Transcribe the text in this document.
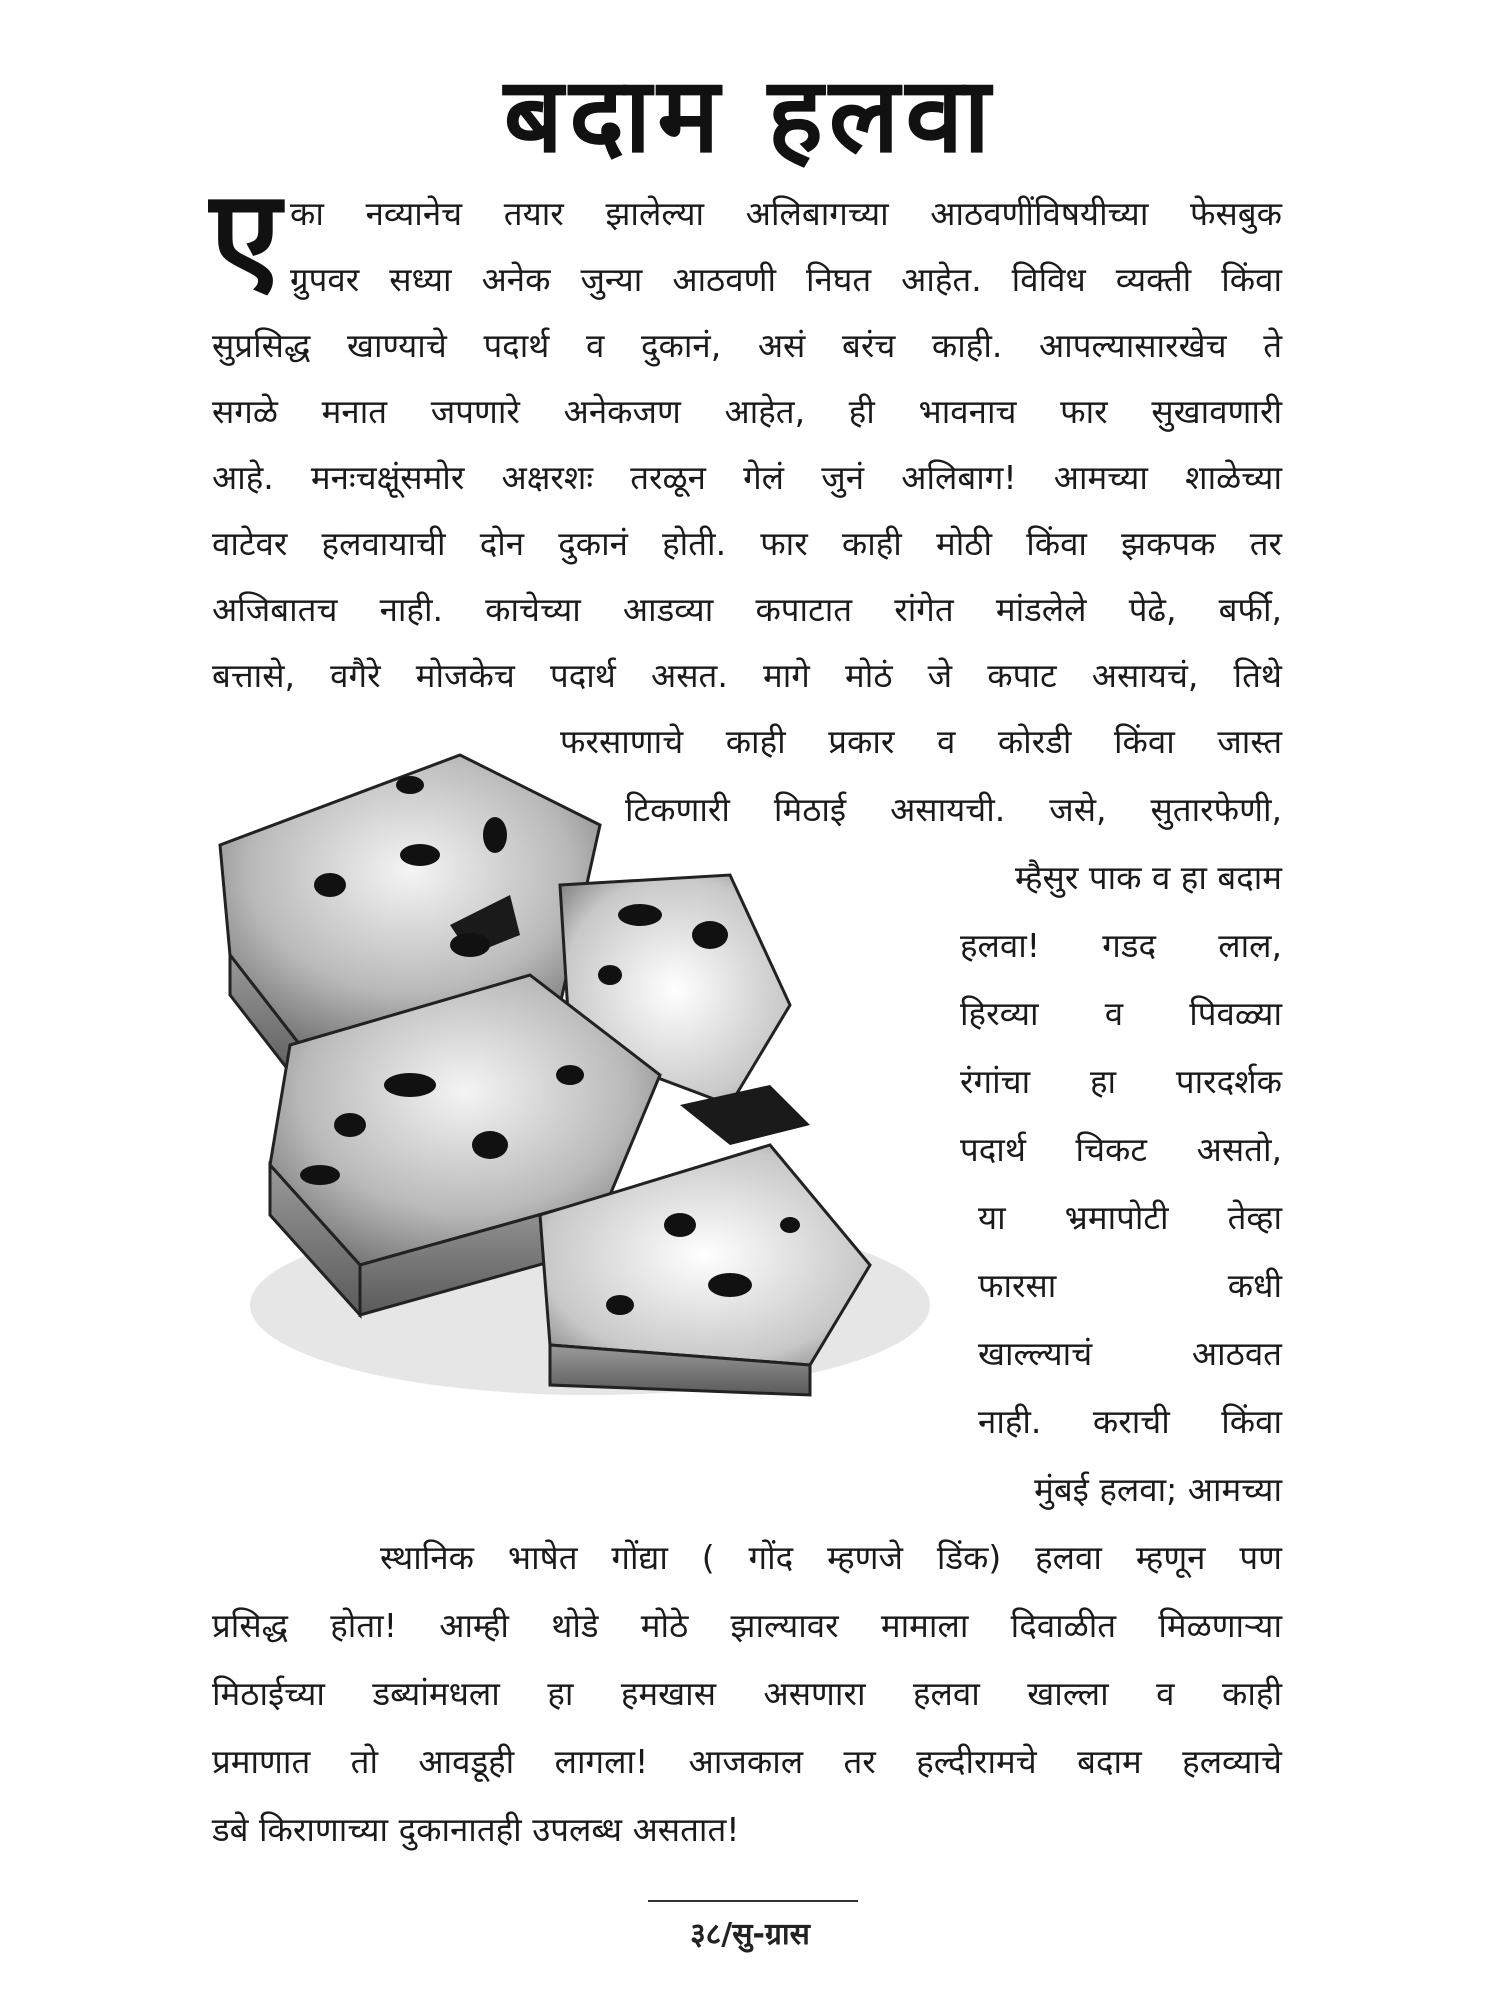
बदाम हलवा
ए का नव्यानेच तयार झालेल्या अलिबागच्या आठवणींविषयीच्या फेसबुक
ग्रुपवर सध्या अनेक जुन्या आठवणी निघत आहेत. विविध व्यक्ती किंवा
सुप्रसिद्ध खाण्याचे पदार्थ व दुकानं, असं बरंच काही. आपल्यासारखेच ते
सगळे मनात जपणारे अनेकजण आहेत, ही भावनाच फार सुखावणारी
आहे. मनःचक्षूंसमोर अक्षरशः तरळून गेलं जुनं अलिबाग! आमच्या शाळेच्या
वाटेवर हलवायाची दोन दुकानं होती. फार काही मोठी किंवा झकपक तर
अजिबातच नाही. काचेच्या आडव्या कपाटात रांगेत मांडलेले पेढे, बर्फी,
बत्तासे, वगैरे मोजकेच पदार्थ असत. मागे मोठं जे कपाट असायचं, तिथे
फरसाणाचे काही प्रकार व कोरडी किंवा जास्त
टिकणारी मिठाई असायची. जसे, सुतारफेणी,
म्हैसुर पाक व हा बदाम
हलवा! गडद लाल,
हिरव्या व पिवळ्या
रंगांचा हा पारदर्शक
पदार्थ चिकट असतो,
या भ्रमापोटी तेव्हा
फारसा कधी
खाल्ल्याचं आठवत
नाही. कराची किंवा
मुंबई हलवा; आमच्या
स्थानिक भाषेत गोंद्या ( गोंद म्हणजे डिंक) हलवा म्हणून पण
प्रसिद्ध होता! आम्ही थोडे मोठे झाल्यावर मामाला दिवाळीत मिळणाऱ्या
मिठाईच्या डब्यांमधला हा हमखास असणारा हलवा खाल्ला व काही
प्रमाणात तो आवडूही लागला! आजकाल तर हल्दीरामचे बदाम हलव्याचे
डबे किराणाच्या दुकानातही उपलब्ध असतात!
३८/सु-ग्रास
